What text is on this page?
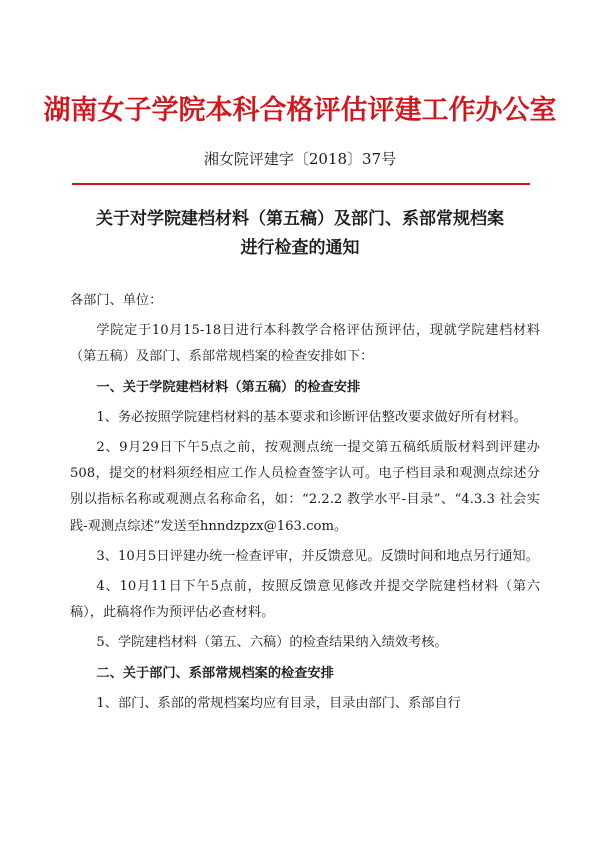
湖南女子学院本科合格评估评建工作办公室
湘女院评建字〔2018〕37号
关于对学院建档材料（第五稿）及部门、系部常规档案
进行检查的通知

各部门、单位：

学院定于10月15-18日进行本科教学合格评估预评估，现就学院建档材料（第五稿）及部门、系部常规档案的检查安排如下：

一、关于学院建档材料（第五稿）的检查安排

1、务必按照学院建档材料的基本要求和诊断评估整改要求做好所有材料。

2、9月29日下午5点之前，按观测点统一提交第五稿纸质版材料到评建办508，提交的材料须经相应工作人员检查签字认可。电子档目录和观测点综述分别以指标名称或观测点名称命名，如：“2.2.2 教学水平-目录”、“4.3.3 社会实践-观测点综述”发送至hnndzpzx@163.com。

3、10月5日评建办统一检查评审，并反馈意见。反馈时间和地点另行通知。

4、10月11日下午5点前，按照反馈意见修改并提交学院建档材料（第六稿），此稿将作为预评估必查材料。

5、学院建档材料（第五、六稿）的检查结果纳入绩效考核。

二、关于部门、系部常规档案的检查安排

1、部门、系部的常规档案均应有目录，目录由部门、系部自行
